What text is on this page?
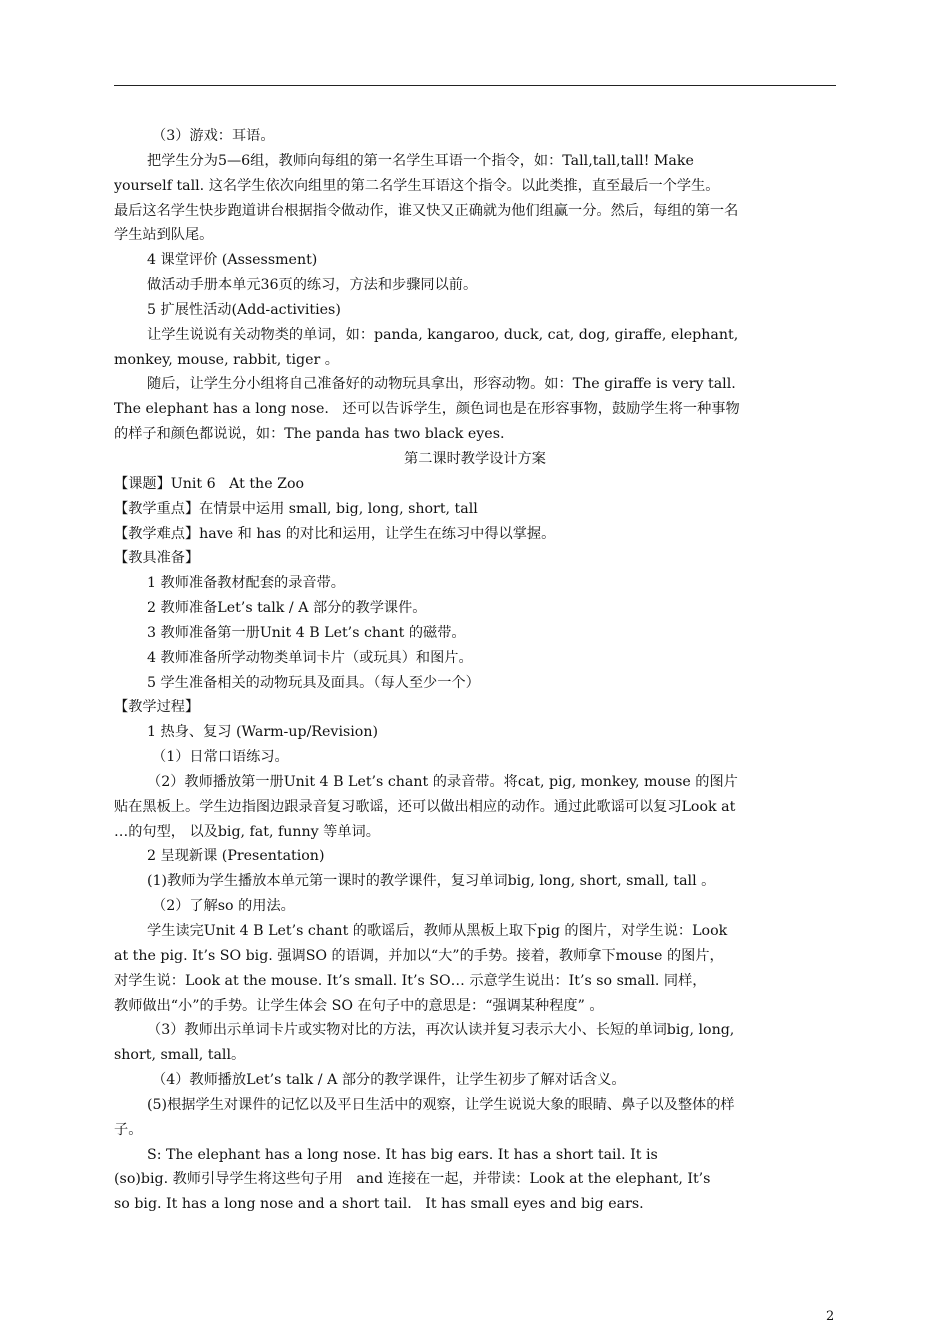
（3）游戏：耳语。
把学生分为5—6组，教师向每组的第一名学生耳语一个指令，如：Tall,tall,tall! Make
yourself tall. 这名学生依次向组里的第二名学生耳语这个指令。以此类推，直至最后一个学生。
最后这名学生快步跑道讲台根据指令做动作，谁又快又正确就为他们组赢一分。然后，每组的第一名
学生站到队尾。
4 课堂评价 (Assessment)
做活动手册本单元36页的练习，方法和步骤同以前。
5 扩展性活动(Add-activities)
让学生说说有关动物类的单词，如：panda, kangaroo, duck, cat, dog, giraffe, elephant,
monkey, mouse, rabbit, tiger 。
随后，让学生分小组将自己准备好的动物玩具拿出，形容动物。如：The giraffe is very tall.
The elephant has a long nose.   还可以告诉学生，颜色词也是在形容事物，鼓励学生将一种事物
的样子和颜色都说说，如：The panda has two black eyes.
第二课时教学设计方案
【课题】Unit 6   At the Zoo
【教学重点】在情景中运用 small, big, long, short, tall
【教学难点】have 和 has 的对比和运用，让学生在练习中得以掌握。
【教具准备】
1 教师准备教材配套的录音带。
2 教师准备Let’s talk / A 部分的教学课件。
3 教师准备第一册Unit 4 B Let’s chant 的磁带。
4 教师准备所学动物类单词卡片（或玩具）和图片。
5 学生准备相关的动物玩具及面具。（每人至少一个）
【教学过程】
1 热身、复习 (Warm-up/Revision)
（1）日常口语练习。
（2）教师播放第一册Unit 4 B Let’s chant 的录音带。将cat, pig, monkey, mouse 的图片
贴在黑板上。学生边指图边跟录音复习歌谣，还可以做出相应的动作。通过此歌谣可以复习Look at
…的句型， 以及big, fat, funny 等单词。
2 呈现新课 (Presentation)
(1)教师为学生播放本单元第一课时的教学课件，复习单词big, long, short, small, tall 。
（2）了解so 的用法。
学生读完Unit 4 B Let’s chant 的歌谣后，教师从黑板上取下pig 的图片，对学生说：Look
at the pig. It’s SO big. 强调SO 的语调，并加以“大”的手势。接着，教师拿下mouse 的图片，
对学生说：Look at the mouse. It’s small. It’s SO… 示意学生说出：It’s so small. 同样，
教师做出“小”的手势。让学生体会 SO 在句子中的意思是：“强调某种程度” 。
（3）教师出示单词卡片或实物对比的方法，再次认读并复习表示大小、长短的单词big, long,
short, small, tall。
（4）教师播放Let’s talk / A 部分的教学课件，让学生初步了解对话含义。
(5)根据学生对课件的记忆以及平日生活中的观察，让学生说说大象的眼睛、鼻子以及整体的样
子。
S: The elephant has a long nose. It has big ears. It has a short tail. It is
(so)big. 教师引导学生将这些句子用   and 连接在一起，并带读：Look at the elephant, It’s
so big. It has a long nose and a short tail.   It has small eyes and big ears.
2
